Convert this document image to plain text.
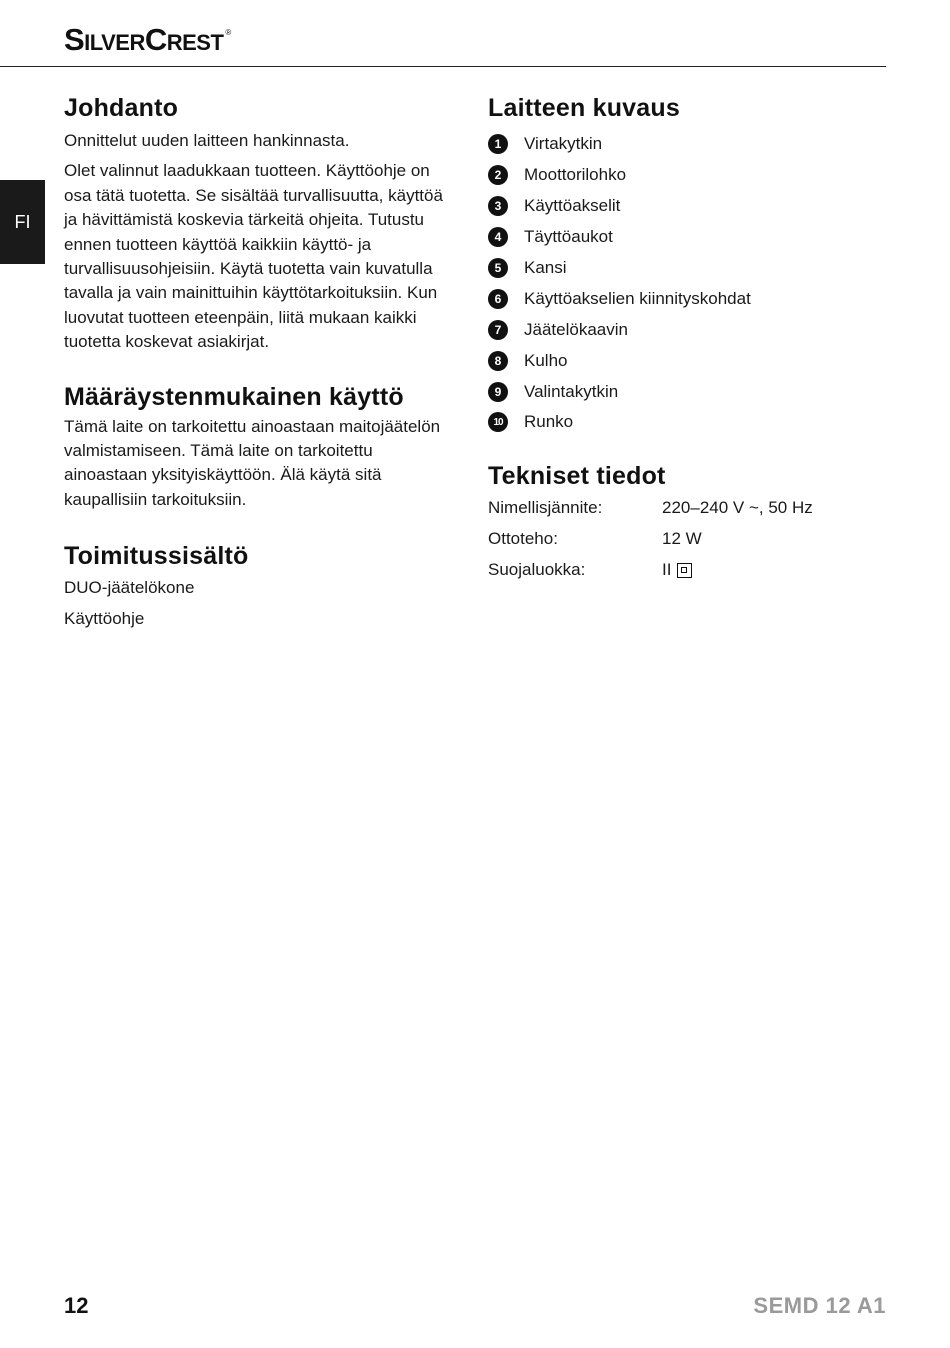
Silver Crest ®
FI
Johdanto

Onnittelut uuden laitteen hankinnasta.

Olet valinnut laadukkaan tuotteen. Käyttöohje on osa tätä tuotetta. Se sisältää turvallisuutta, käyttöä ja hävittämistä koskevia tärkeitä ohjeita. Tutustu ennen tuotteen käyttöä kaikkiin käyttö- ja turvallisuusohjeisiin. Käytä tuotetta vain kuvatulla tavalla ja vain mainittuihin käyttötarkoituksiin. Kun luovutat tuotteen eteenpäin, liitä mukaan kaikki tuotetta koskevat asiakirjat.

Määräystenmukainen käyttö

Tämä laite on tarkoitettu ainoastaan maitojäätelön valmistamiseen. Tämä laite on tarkoitettu ainoastaan yksityiskäyttöön. Älä käytä sitä kaupallisiin tarkoituksiin.

Toimitussisältö

DUO-jäätelökone

Käyttöohje

Laitteen kuvaus
1	Virtakytkin
2	Moottorilohko
3	Käyttöakselit
4	Täyttöaukot
5	Kansi
6	Käyttöakselien kiinnityskohdat
7	Jäätelökaavin
8	Kulho
9	Valintakytkin
10	Runko
Tekniset tiedot
Nimellisjännite:	220–240 V ~, 50 Hz
Ottoteho:	12 W
Suojaluokka:	II
12	SEMD 12 A1
